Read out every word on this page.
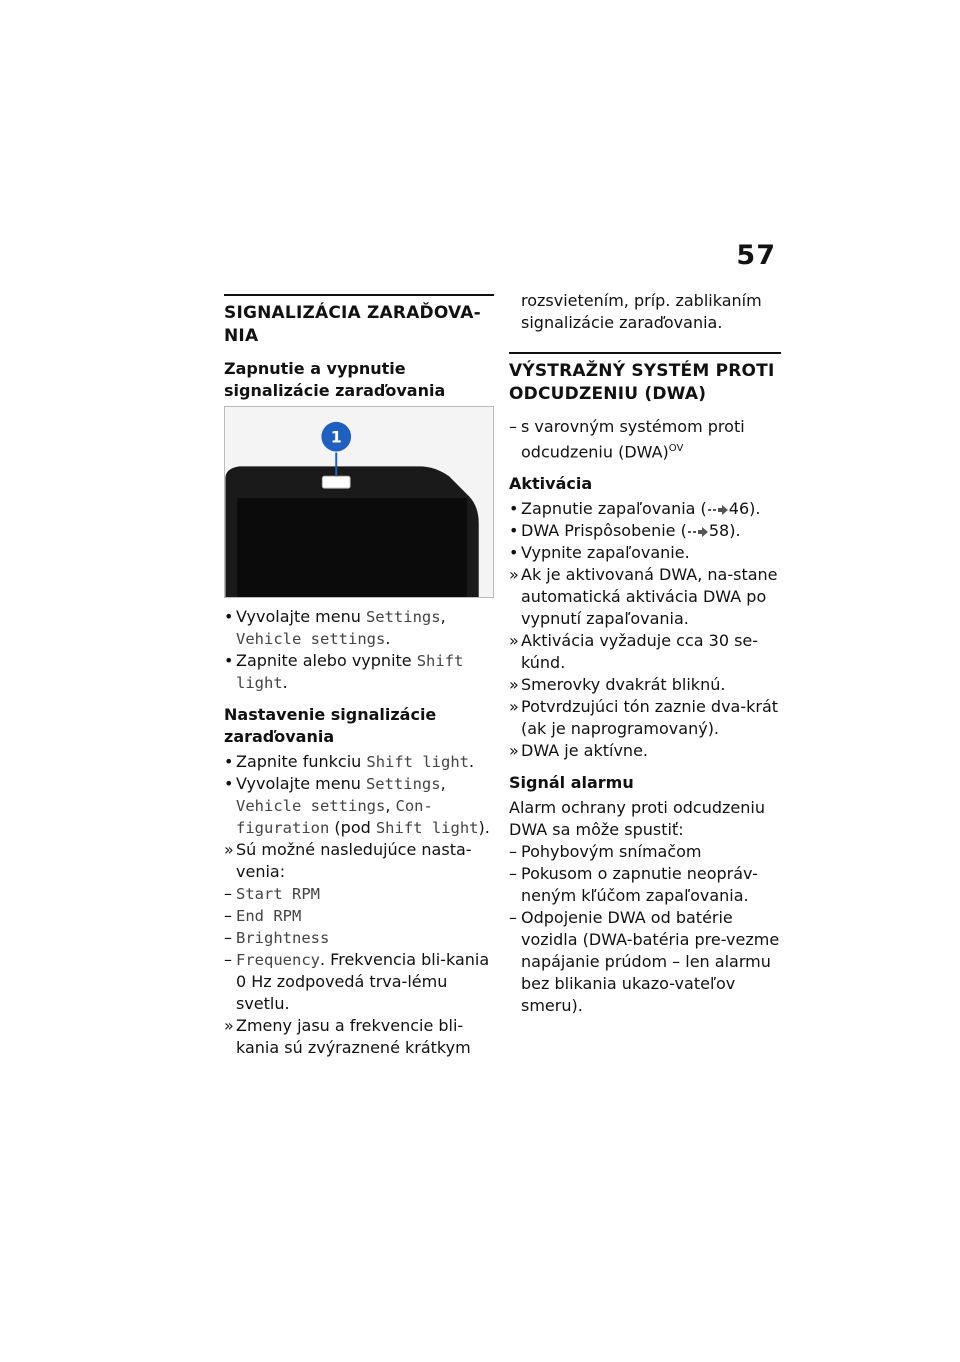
57
SIGNALIZÁCIA ZARAĎOVA-NIA
Zapnutie a vypnutie signalizácie zaraďovania
1
• Vyvolajte menu Settings, Vehicle settings.
• Zapnite alebo vypnite Shift light.
Nastavenie signalizácie zaraďovania
• Zapnite funkciu Shift light.
• Vyvolajte menu Settings, Vehicle settings, Con-figuration (pod Shift light).
» Sú možné nasledujúce nasta-venia:
– Start RPM
– End RPM
– Brightness
– Frequency. Frekvencia bli-kania 0 Hz zodpovedá trva-lému svetlu.
» Zmeny jasu a frekvencie bli-kania sú zvýraznené krátkym
rozsvietením, príp. zablikaním signalizácie zaraďovania.
VÝSTRAŽNÝ SYSTÉM PROTI ODCUDZENIU (DWA)
– s varovným systémom proti odcudzeniu (DWA)$^{OV}$
Aktivácia
• Zapnutie zapaľovania ( 46).
• DWA Prispôsobenie ( 58).
• Vypnite zapaľovanie.
» Ak je aktivovaná DWA, na-stane automatická aktivácia DWA po vypnutí zapaľovania.
» Aktivácia vyžaduje cca 30 se-kúnd.
» Smerovky dvakrát bliknú.
» Potvrdzujúci tón zaznie dva-krát (ak je naprogramovaný).
» DWA je aktívne.
Signál alarmu
Alarm ochrany proti odcudzeniu DWA sa môže spustiť:
– Pohybovým snímačom
– Pokusom o zapnutie neopráv-neným kľúčom zapaľovania.
– Odpojenie DWA od batérie vozidla (DWA-batéria pre-vezme napájanie prúdom – len alarmu bez blikania ukazo-vateľov smeru).
